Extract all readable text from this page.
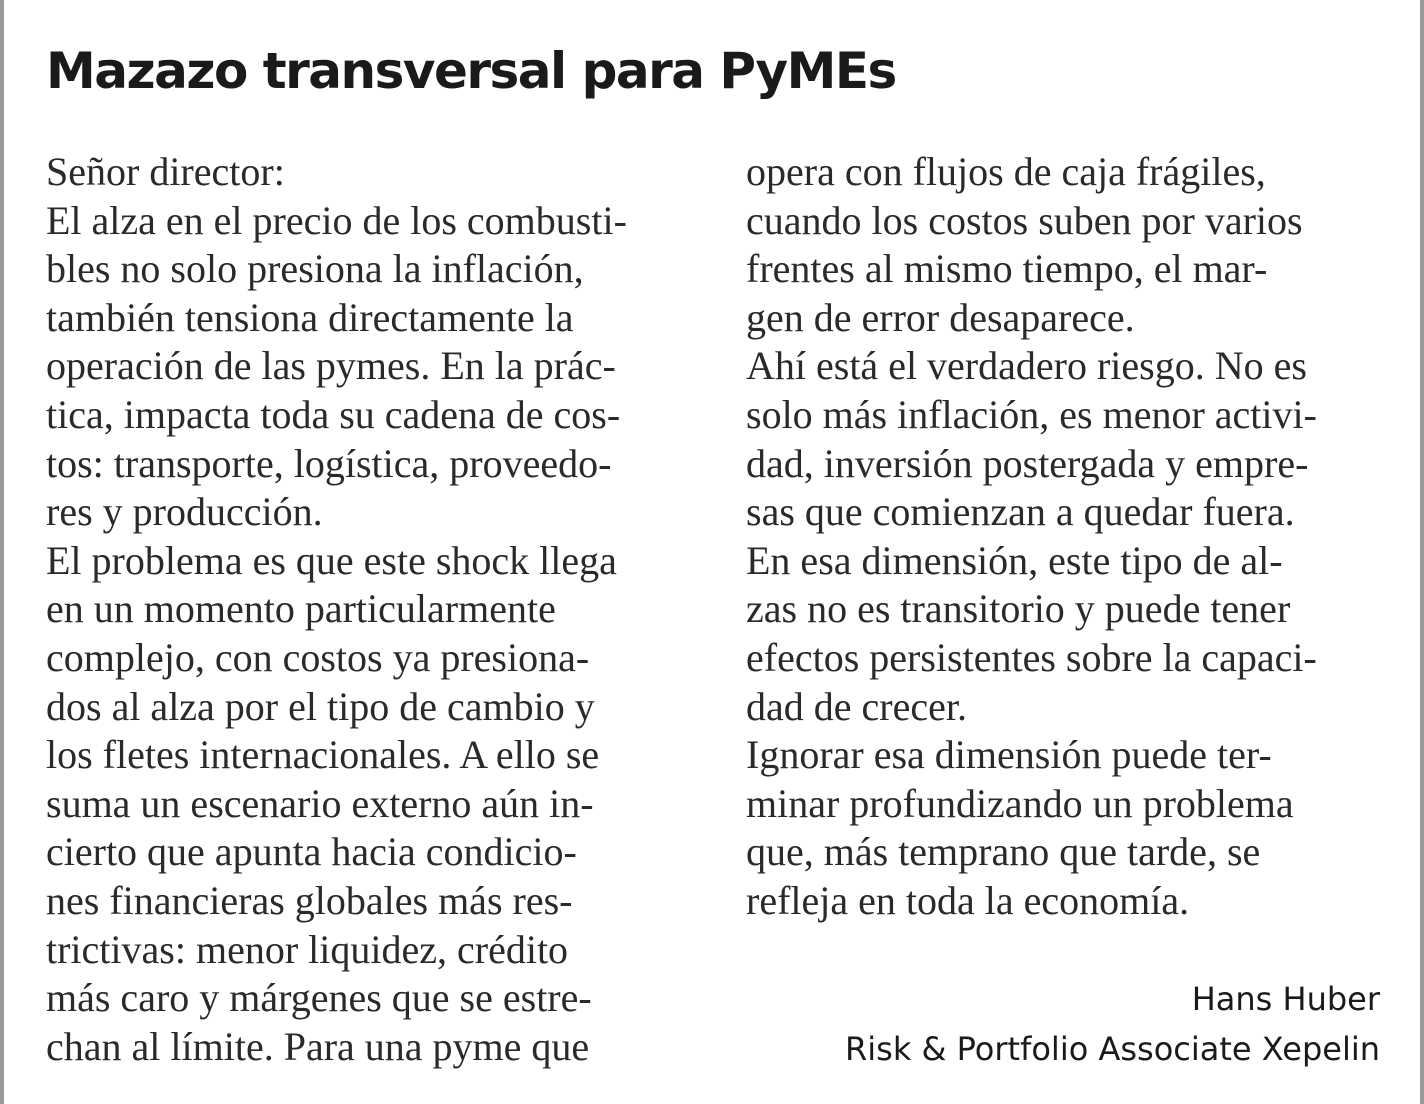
Mazazo transversal para PyMEs
Señor director:
El alza en el precio de los combusti-
bles no solo presiona la inflación,
también tensiona directamente la
operación de las pymes. En la prác-
tica, impacta toda su cadena de cos-
tos: transporte, logística, proveedo-
res y producción.
El problema es que este shock llega
en un momento particularmente
complejo, con costos ya presiona-
dos al alza por el tipo de cambio y
los fletes internacionales. A ello se
suma un escenario externo aún in-
cierto que apunta hacia condicio-
nes financieras globales más res-
trictivas: menor liquidez, crédito
más caro y márgenes que se estre-
chan al límite. Para una pyme que
opera con flujos de caja frágiles,
cuando los costos suben por varios
frentes al mismo tiempo, el mar-
gen de error desaparece.
Ahí está el verdadero riesgo. No es
solo más inflación, es menor activi-
dad, inversión postergada y empre-
sas que comienzan a quedar fuera.
En esa dimensión, este tipo de al-
zas no es transitorio y puede tener
efectos persistentes sobre la capaci-
dad de crecer.
Ignorar esa dimensión puede ter-
minar profundizando un problema
que, más temprano que tarde, se
refleja en toda la economía.
Hans Huber
Risk & Portfolio Associate Xepelin
